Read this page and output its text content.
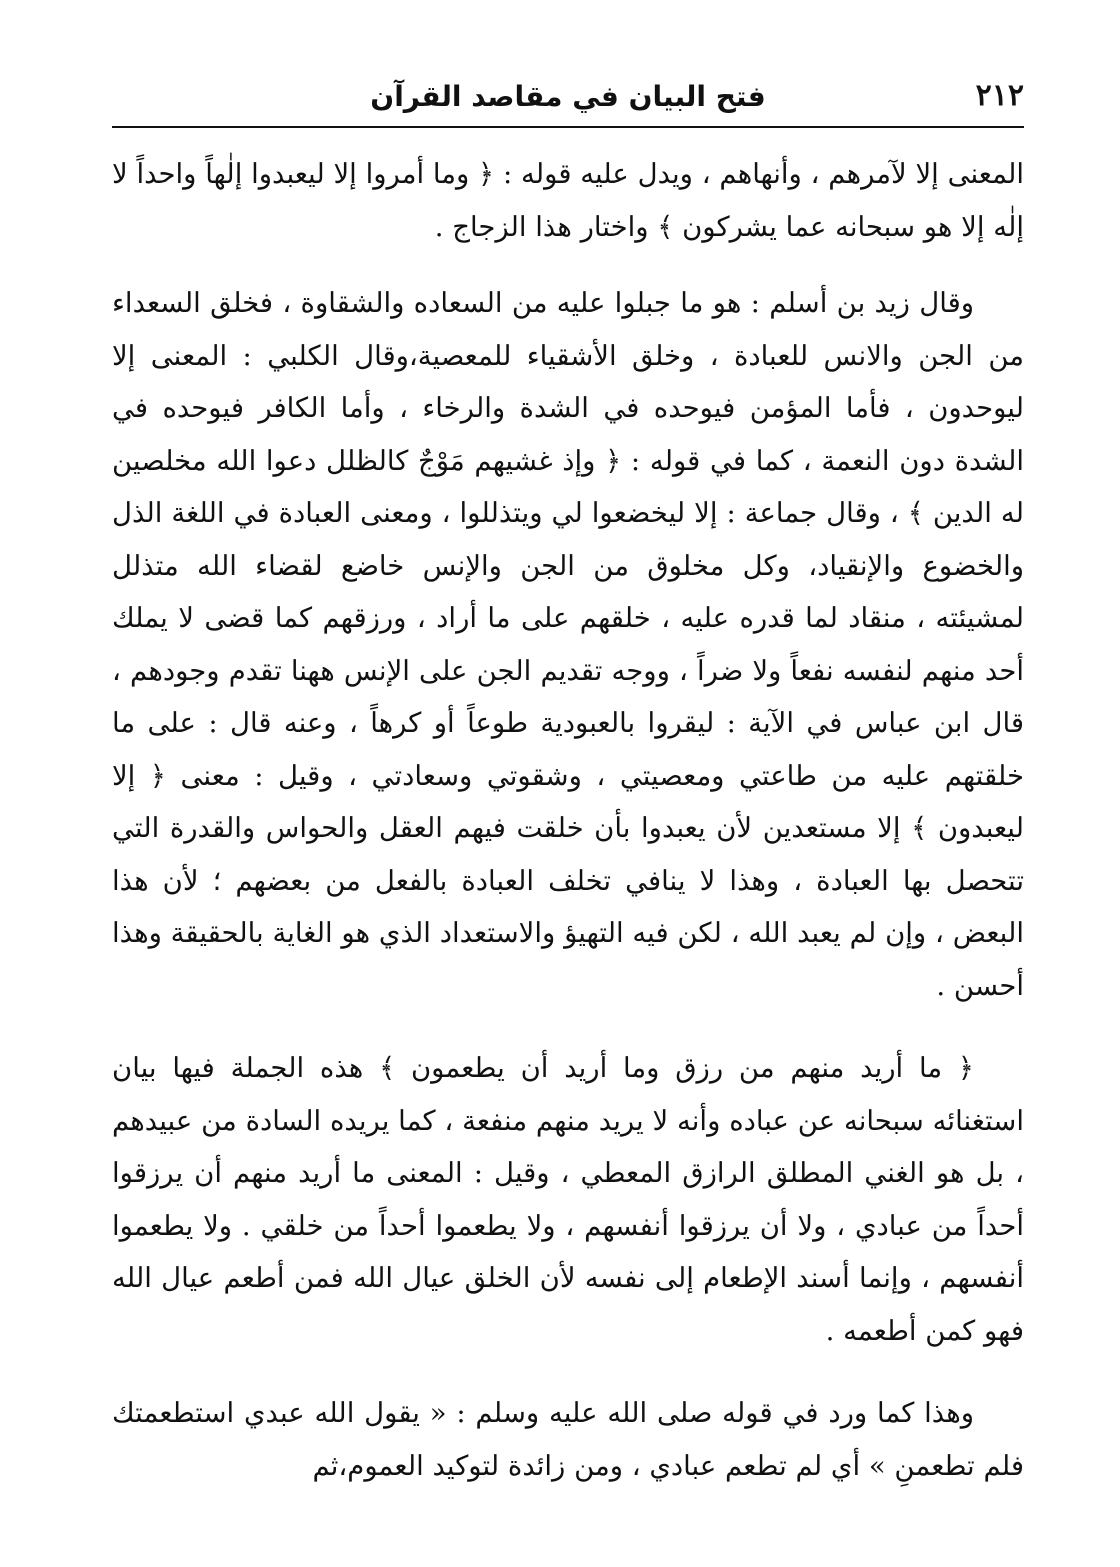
٢١٢
فتح البيان في مقاصد القرآن

المعنى إلا لآمرهم ، وأنهاهم ، ويدل عليه قوله : ﴿ وما أمروا إلا ليعبدوا إلٰهاً واحداً لا إلٰه إلا هو سبحانه عما يشركون ﴾ واختار هذا الزجاج .

وقال زيد بن أسلم : هو ما جبلوا عليه من السعاده والشقاوة ، فخلق السعداء من الجن والانس للعبادة ، وخلق الأشقياء للمعصية،وقال الكلبي : المعنى إلا ليوحدون ، فأما المؤمن فيوحده في الشدة والرخاء ، وأما الكافر فيوحده في الشدة دون النعمة ، كما في قوله : ﴿ وإذ غشيهم مَوْجٌ كالظلل دعوا الله مخلصين له الدين ﴾ ، وقال جماعة : إلا ليخضعوا لي ويتذللوا ، ومعنى العبادة في اللغة الذل والخضوع والإنقياد، وكل مخلوق من الجن والإنس خاضع لقضاء الله متذلل لمشيئته ، منقاد لما قدره عليه ، خلقهم على ما أراد ، ورزقهم كما قضى لا يملك أحد منهم لنفسه نفعاً ولا ضراً ، ووجه تقديم الجن على الإنس ههنا تقدم وجودهم ، قال ابن عباس في الآية : ليقروا بالعبودية طوعاً أو كرهاً ، وعنه قال : على ما خلقتهم عليه من طاعتي ومعصيتي ، وشقوتي وسعادتي ، وقيل : معنى ﴿ إلا ليعبدون ﴾ إلا مستعدين لأن يعبدوا بأن خلقت فيهم العقل والحواس والقدرة التي تتحصل بها العبادة ، وهذا لا ينافي تخلف العبادة بالفعل من بعضهم ؛ لأن هذا البعض ، وإن لم يعبد الله ، لكن فيه التهيؤ والاستعداد الذي هو الغاية بالحقيقة وهذا أحسن .

﴿ ما أريد منهم من رزق وما أريد أن يطعمون ﴾ هذه الجملة فيها بيان استغنائه سبحانه عن عباده وأنه لا يريد منهم منفعة ، كما يريده السادة من عبيدهم ، بل هو الغني المطلق الرازق المعطي ، وقيل : المعنى ما أريد منهم أن يرزقوا أحداً من عبادي ، ولا أن يرزقوا أنفسهم ، ولا يطعموا أحداً من خلقي . ولا يطعموا أنفسهم ، وإنما أسند الإطعام إلى نفسه لأن الخلق عيال الله فمن أطعم عيال الله فهو كمن أطعمه .

وهذا كما ورد في قوله صلى الله عليه وسلم : « يقول الله عبدي استطعمتك فلم تطعمنِ » أي لم تطعم عبادي ، ومن زائدة لتوكيد العموم،ثم
